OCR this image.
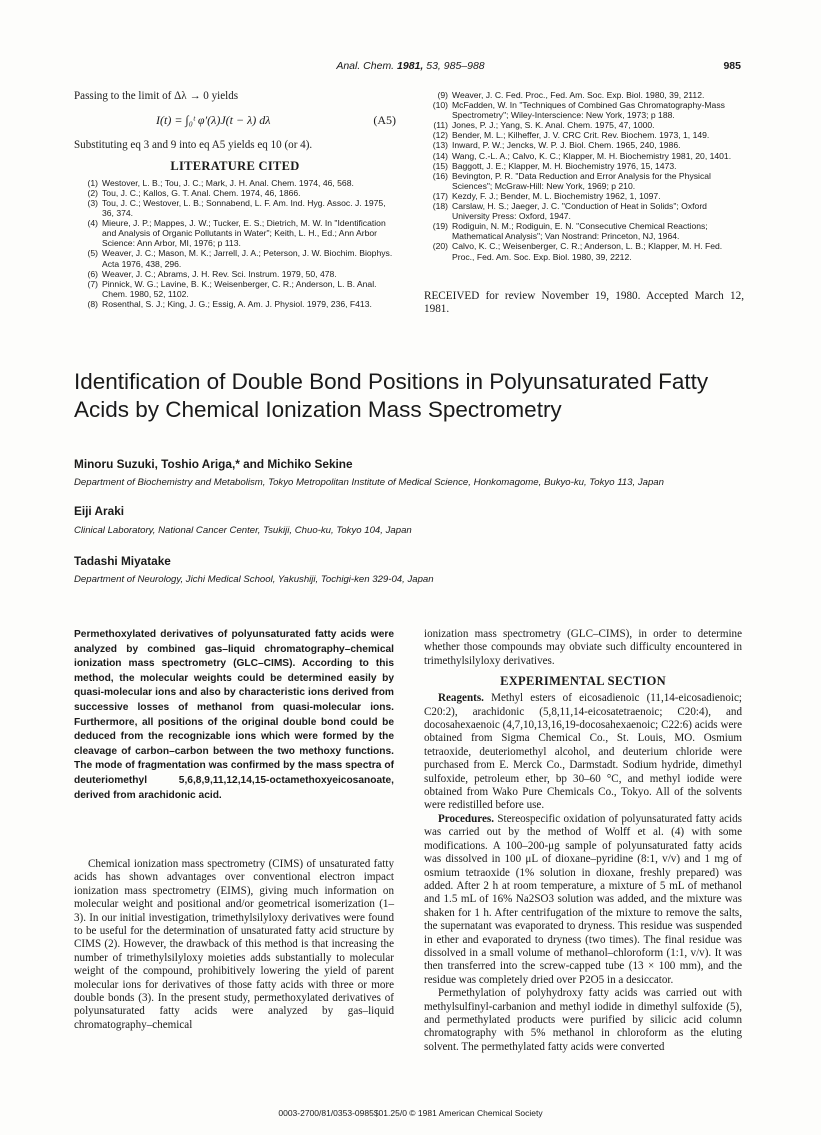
Anal. Chem. 1981, 53, 985–988	985
Passing to the limit of Δλ → 0 yields
I(t) = ∫₀ᵗ φ′(λ)J(t − λ) dλ	(A5)
Substituting eq 3 and 9 into eq A5 yields eq 10 (or 4).
LITERATURE CITED
(1) Westover, L. B.; Tou, J. C.; Mark, J. H. Anal. Chem. 1974, 46, 568.
(2) Tou, J. C.; Kallos, G. T. Anal. Chem. 1974, 46, 1866.
(3) Tou, J. C.; Westover, L. B.; Sonnabend, L. F. Am. Ind. Hyg. Assoc. J. 1975, 36, 374.
(4) Mieure, J. P.; Mappes, J. W.; Tucker, E. S.; Dietrich, M. W. In "Identification and Analysis of Organic Pollutants in Water"; Keith, L. H., Ed.; Ann Arbor Science: Ann Arbor, MI, 1976; p 113.
(5) Weaver, J. C.; Mason, M. K.; Jarrell, J. A.; Peterson, J. W. Biochim. Biophys. Acta 1976, 438, 296.
(6) Weaver, J. C.; Abrams, J. H. Rev. Sci. Instrum. 1979, 50, 478.
(7) Pinnick, W. G.; Lavine, B. K.; Weisenberger, C. R.; Anderson, L. B. Anal. Chem. 1980, 52, 1102.
(8) Rosenthal, S. J.; King, J. G.; Essig, A. Am. J. Physiol. 1979, 236, F413.
(9) Weaver, J. C. Fed. Proc., Fed. Am. Soc. Exp. Biol. 1980, 39, 2112.
(10) McFadden, W. In "Techniques of Combined Gas Chromatography-Mass Spectrometry"; Wiley-Interscience: New York, 1973; p 188.
(11) Jones, P. J.; Yang, S. K. Anal. Chem. 1975, 47, 1000.
(12) Bender, M. L.; Kilheffer, J. V. CRC Crit. Rev. Biochem. 1973, 1, 149.
(13) Inward, P. W.; Jencks, W. P. J. Biol. Chem. 1965, 240, 1986.
(14) Wang, C.-L. A.; Calvo, K. C.; Klapper, M. H. Biochemistry 1981, 20, 1401.
(15) Baggott, J. E.; Klapper, M. H. Biochemistry 1976, 15, 1473.
(16) Bevington, P. R. "Data Reduction and Error Analysis for the Physical Sciences"; McGraw-Hill: New York, 1969; p 210.
(17) Kezdy, F. J.; Bender, M. L. Biochemistry 1962, 1, 1097.
(18) Carslaw, H. S.; Jaeger, J. C. "Conduction of Heat in Solids"; Oxford University Press: Oxford, 1947.
(19) Rodiguin, N. M.; Rodiguin, E. N. "Consecutive Chemical Reactions; Mathematical Analysis"; Van Nostrand: Princeton, NJ, 1964.
(20) Calvo, K. C.; Weisenberger, C. R.; Anderson, L. B.; Klapper, M. H. Fed. Proc., Fed. Am. Soc. Exp. Biol. 1980, 39, 2212.
RECEIVED for review November 19, 1980. Accepted March 12, 1981.
Identification of Double Bond Positions in Polyunsaturated Fatty Acids by Chemical Ionization Mass Spectrometry
Minoru Suzuki, Toshio Ariga,* and Michiko Sekine
Department of Biochemistry and Metabolism, Tokyo Metropolitan Institute of Medical Science, Honkomagome, Bukyo-ku, Tokyo 113, Japan
Eiji Araki
Clinical Laboratory, National Cancer Center, Tsukiji, Chuo-ku, Tokyo 104, Japan
Tadashi Miyatake
Department of Neurology, Jichi Medical School, Yakushiji, Tochigi-ken 329-04, Japan
Permethoxylated derivatives of polyunsaturated fatty acids were analyzed by combined gas–liquid chromatography–chemical ionization mass spectrometry (GLC–CIMS). According to this method, the molecular weights could be determined easily by quasi-molecular ions and also by characteristic ions derived from successive losses of methanol from quasi-molecular ions. Furthermore, all positions of the original double bond could be deduced from the recognizable ions which were formed by the cleavage of carbon–carbon between the two methoxy functions. The mode of fragmentation was confirmed by the mass spectra of deuteriomethyl 5,6,8,9,11,12,14,15-octamethoxyeicosanoate, derived from arachidonic acid.
Chemical ionization mass spectrometry (CIMS) of unsaturated fatty acids has shown advantages over conventional electron impact ionization mass spectrometry (EIMS), giving much information on molecular weight and positional and/or geometrical isomerization (1–3). In our initial investigation, trimethylsilyloxy derivatives were found to be useful for the determination of unsaturated fatty acid structure by CIMS (2). However, the drawback of this method is that increasing the number of trimethylsilyloxy moieties adds substantially to molecular weight of the compound, prohibitively lowering the yield of parent molecular ions for derivatives of those fatty acids with three or more double bonds (3). In the present study, permethoxylated derivatives of polyunsaturated fatty acids were analyzed by gas–liquid chromatography–chemical
ionization mass spectrometry (GLC–CIMS), in order to determine whether those compounds may obviate such difficulty encountered in trimethylsilyloxy derivatives.
EXPERIMENTAL SECTION
Reagents. Methyl esters of eicosadienoic (11,14-eicosadienoic; C20:2), arachidonic (5,8,11,14-eicosatetraenoic; C20:4), and docosahexaenoic (4,7,10,13,16,19-docosahexaenoic; C22:6) acids were obtained from Sigma Chemical Co., St. Louis, MO. Osmium tetraoxide, deuteriomethyl alcohol, and deuterium chloride were purchased from E. Merck Co., Darmstadt. Sodium hydride, dimethyl sulfoxide, petroleum ether, bp 30–60 °C, and methyl iodide were obtained from Wako Pure Chemicals Co., Tokyo. All of the solvents were redistilled before use.
Procedures. Stereospecific oxidation of polyunsaturated fatty acids was carried out by the method of Wolff et al. (4) with some modifications. A 100–200-μg sample of polyunsaturated fatty acids was dissolved in 100 μL of dioxane–pyridine (8:1, v/v) and 1 mg of osmium tetraoxide (1% solution in dioxane, freshly prepared) was added. After 2 h at room temperature, a mixture of 5 mL of methanol and 1.5 mL of 16% Na2SO3 solution was added, and the mixture was shaken for 1 h. After centrifugation of the mixture to remove the salts, the supernatant was evaporated to dryness. This residue was suspended in ether and evaporated to dryness (two times). The final residue was dissolved in a small volume of methanol–chloroform (1:1, v/v). It was then transferred into the screw-capped tube (13 × 100 mm), and the residue was completely dried over P2O5 in a desiccator.
Permethylation of polyhydroxy fatty acids was carried out with methylsulfinyl-carbanion and methyl iodide in dimethyl sulfoxide (5), and permethylated products were purified by silicic acid column chromatography with 5% methanol in chloroform as the eluting solvent. The permethylated fatty acids were converted
0003-2700/81/0353-0985$01.25/0 © 1981 American Chemical Society
